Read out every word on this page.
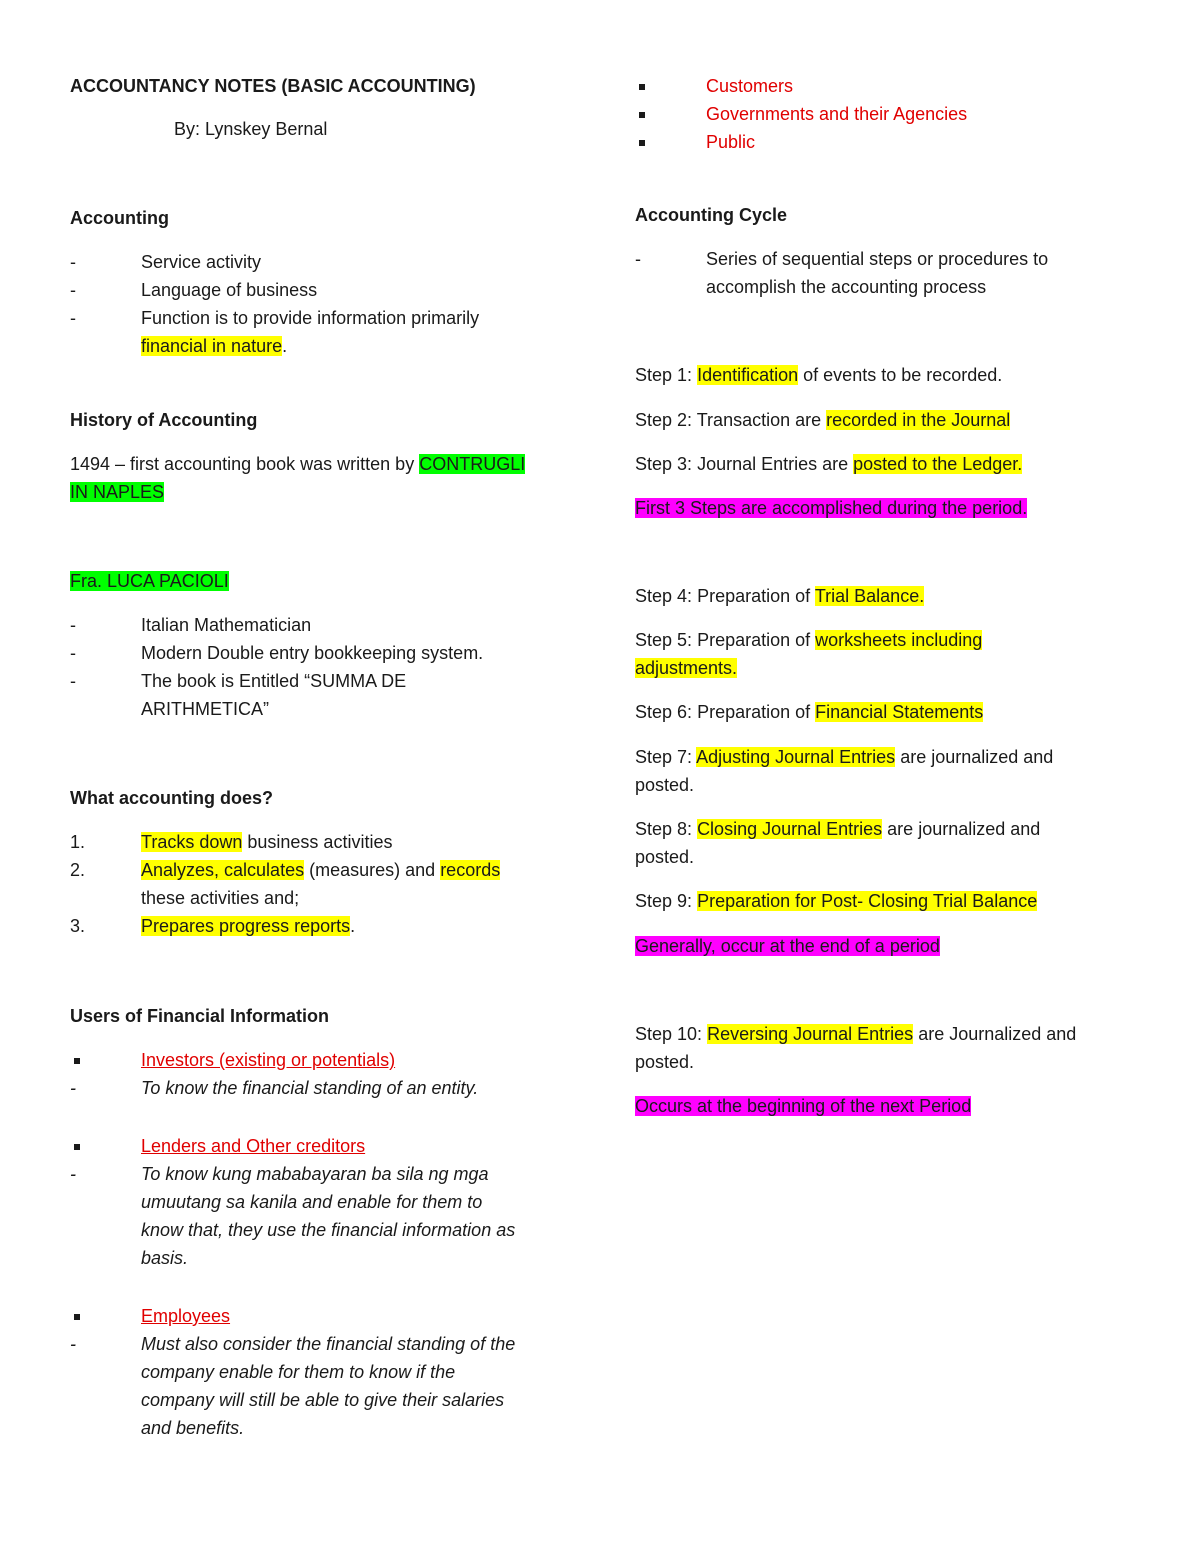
ACCOUNTANCY NOTES (BASIC ACCOUNTING)
By: Lynskey Bernal
Accounting
-	Service activity
-	Language of business
-	Function is to provide information primarily
financial in nature.
History of Accounting
1494 – first accounting book was written by CONTRUGLI
IN NAPLES
Fra. LUCA PACIOLI
-	Italian Mathematician
-	Modern Double entry bookkeeping system.
-	The book is Entitled “SUMMA DE
ARITHMETICA”
What accounting does?
1.	Tracks down business activities
2.	Analyzes, calculates (measures) and records
these activities and;
3.	Prepares progress reports.
Users of Financial Information
Investors (existing or potentials)
-	To know the financial standing of an entity.
Lenders and Other creditors
-	To know kung mababayaran ba sila ng mga
umuutang sa kanila and enable for them to
know that, they use the financial information as
basis.
Employees
-	Must also consider the financial standing of the
company enable for them to know if the
company will still be able to give their salaries
and benefits.
Customers
Governments and their Agencies
Public
Accounting Cycle
-	Series of sequential steps or procedures to
accomplish the accounting process
Step 1: Identification of events to be recorded.
Step 2: Transaction are recorded in the Journal
Step 3: Journal Entries are posted to the Ledger.
First 3 Steps are accomplished during the period.
Step 4: Preparation of Trial Balance.
Step 5: Preparation of worksheets including
adjustments.
Step 6: Preparation of Financial Statements
Step 7: Adjusting Journal Entries are journalized and
posted.
Step 8: Closing Journal Entries are journalized and
posted.
Step 9: Preparation for Post- Closing Trial Balance
Generally, occur at the end of a period
Step 10: Reversing Journal Entries are Journalized and
posted.
Occurs at the beginning of the next Period
